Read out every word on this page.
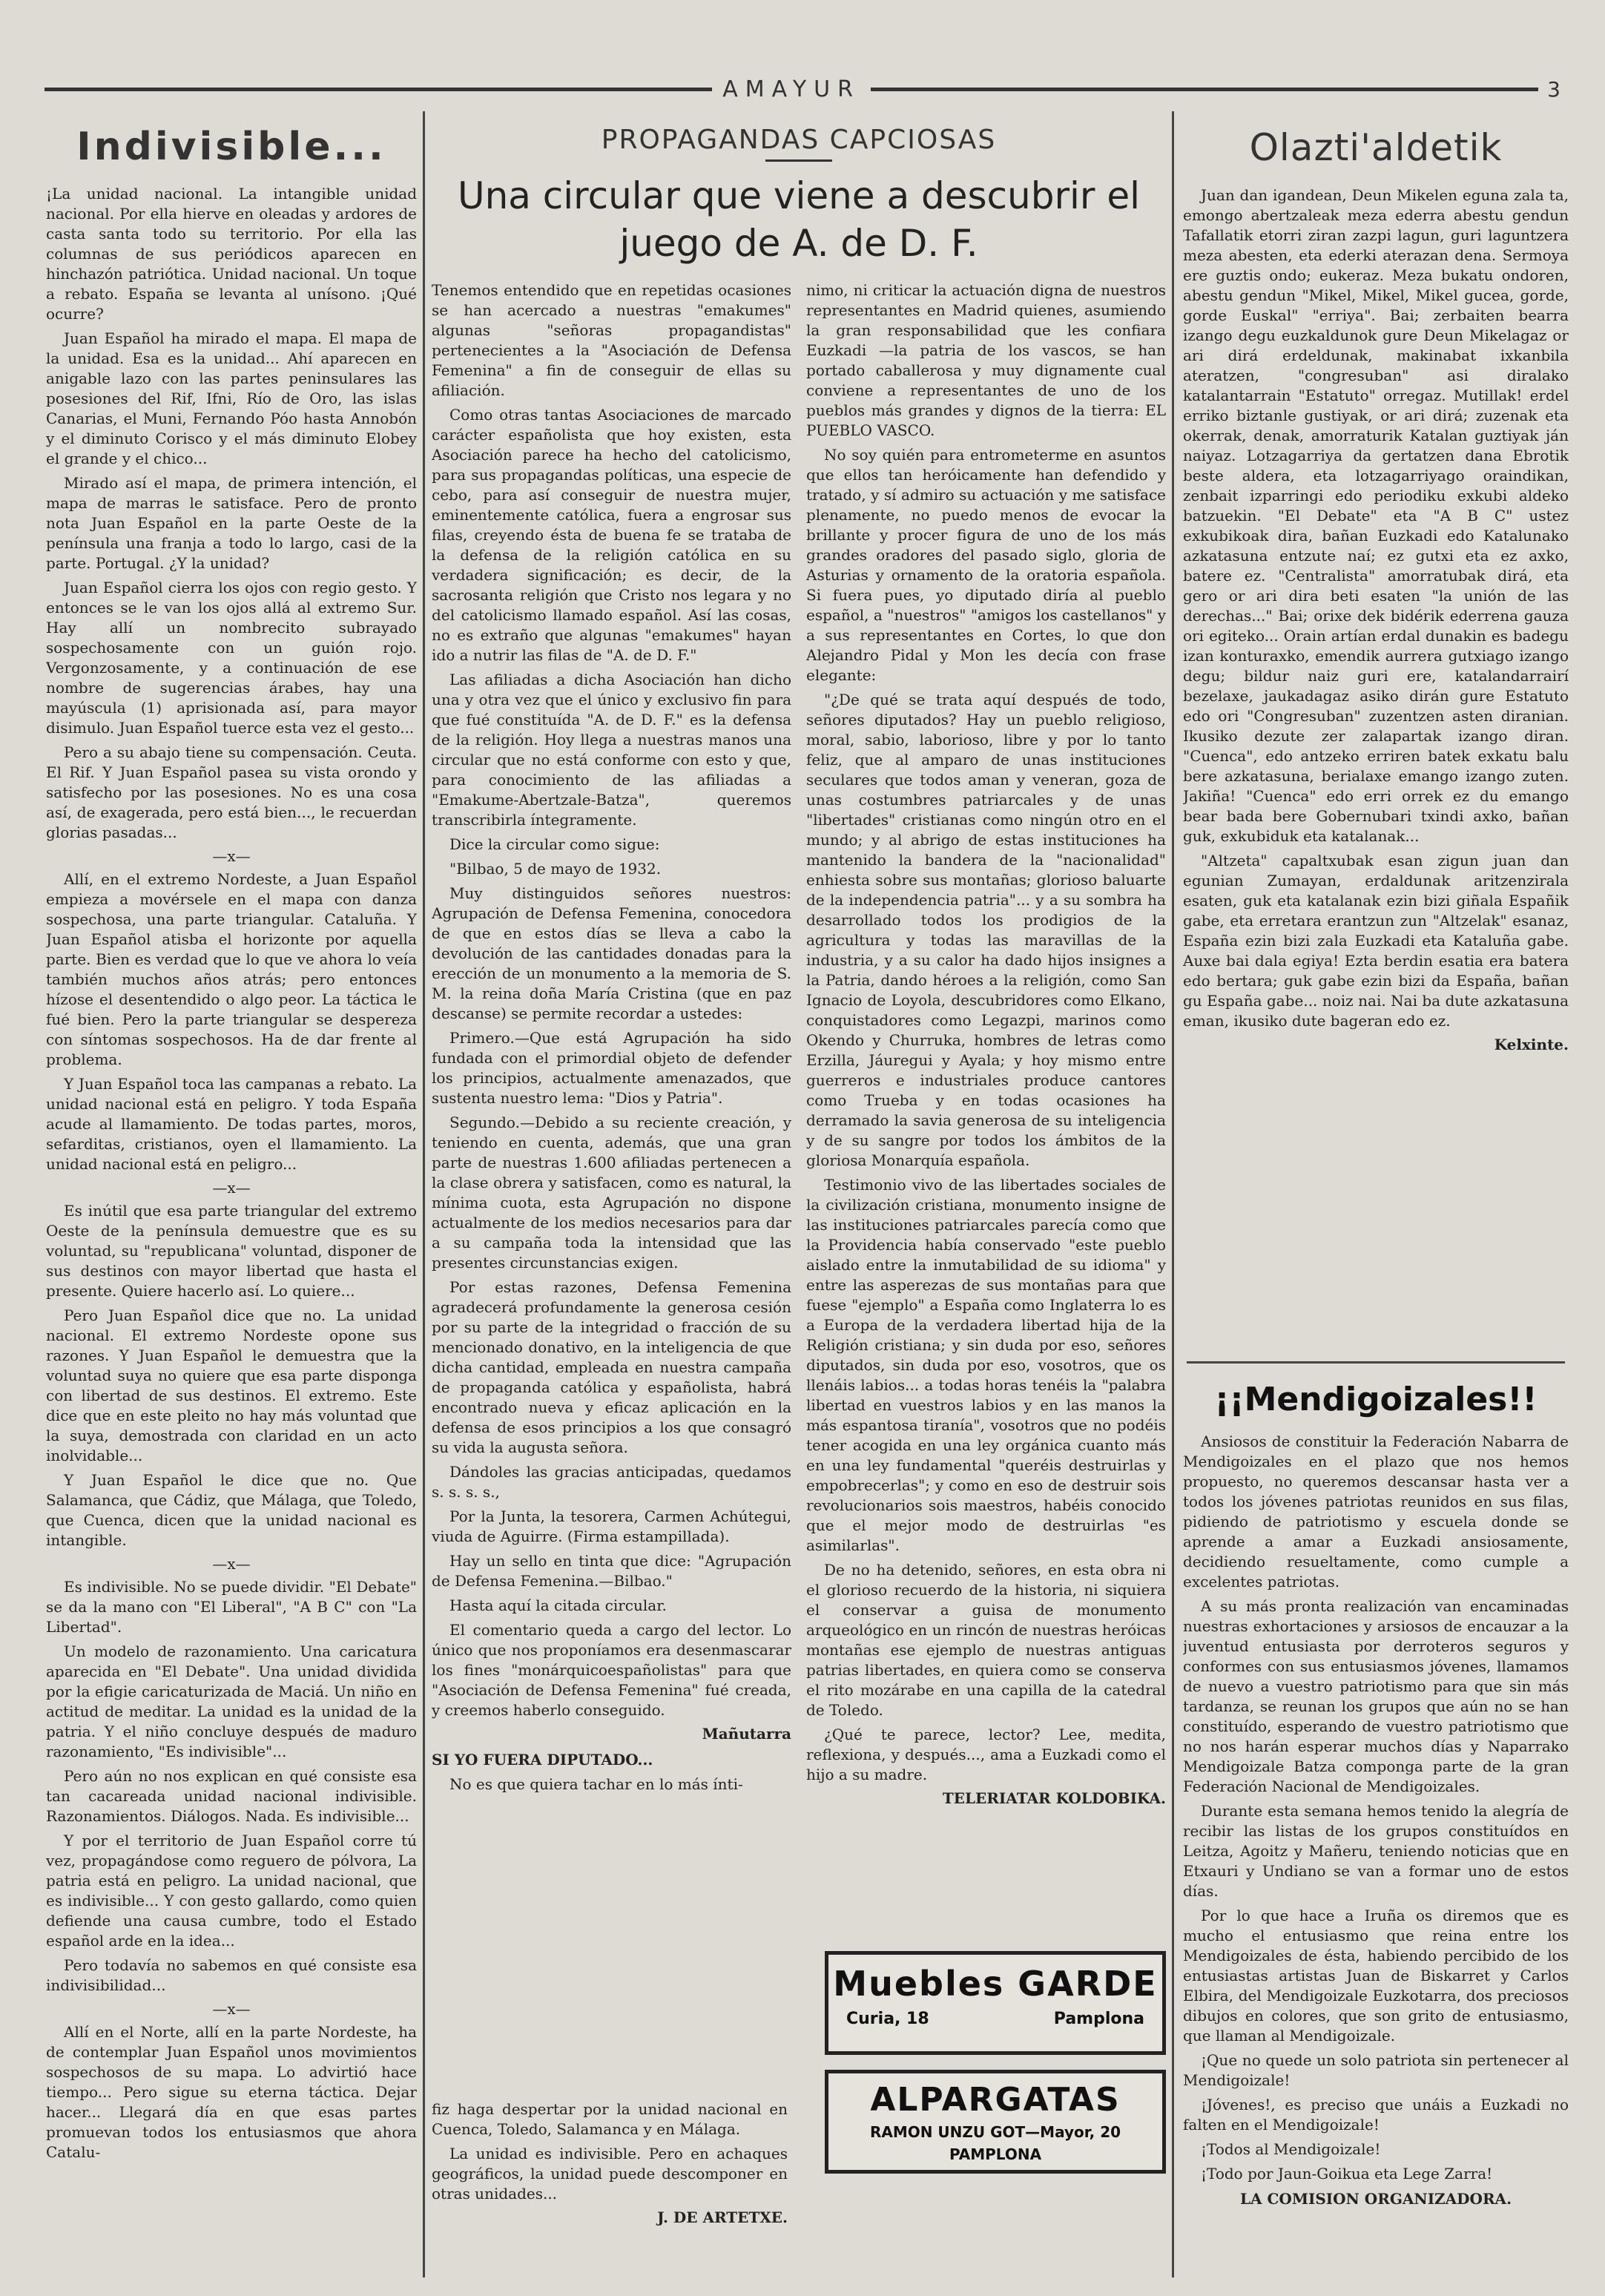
AMAYUR	3
Indivisible...

¡La unidad nacional. La intangible unidad nacional. Por ella hierve en oleadas y ardores de casta santa todo su territorio. Por ella las columnas de sus periódicos aparecen en hinchazón patriótica. Unidad nacional. Un toque a rebato. España se levanta al unísono. ¡Qué ocurre?

Juan Español ha mirado el mapa. El mapa de la unidad. Esa es la unidad... Ahí aparecen en anigable lazo con las partes peninsulares las posesiones del Rif, Ifni, Río de Oro, las islas Canarias, el Muni, Fernando Póo hasta Annobón y el diminuto Corisco y el más diminuto Elobey el grande y el chico...

Mirado así el mapa, de primera intención, el mapa de marras le satisface. Pero de pronto nota Juan Español en la parte Oeste de la península una franja a todo lo largo, casi de la parte. Portugal. ¿Y la unidad?

Juan Español cierra los ojos con regio gesto. Y entonces se le van los ojos allá al extremo Sur. Hay allí un nombrecito subrayado sospechosamente con un guión rojo. Vergonzosamente, y a continuación de ese nombre de sugerencias árabes, hay una mayúscula (1) aprisionada así, para mayor disimulo. Juan Español tuerce esta vez el gesto...

Pero a su abajo tiene su compensación. Ceuta. El Rif. Y Juan Español pasea su vista orondo y satisfecho por las posesiones. No es una cosa así, de exagerada, pero está bien..., le recuerdan glorias pasadas...

—x—

Allí, en el extremo Nordeste, a Juan Español empieza a movérsele en el mapa con danza sospechosa, una parte triangular. Cataluña. Y Juan Español atisba el horizonte por aquella parte. Bien es verdad que lo que ve ahora lo veía también muchos años atrás; pero entonces hízose el desentendido o algo peor. La táctica le fué bien. Pero la parte triangular se despereza con síntomas sospechosos. Ha de dar frente al problema.

Y Juan Español toca las campanas a rebato. La unidad nacional está en peligro. Y toda España acude al llamamiento. De todas partes, moros, sefarditas, cristianos, oyen el llamamiento. La unidad nacional está en peligro...

—x—

Es inútil que esa parte triangular del extremo Oeste de la península demuestre que es su voluntad, su "republicana" voluntad, disponer de sus destinos con mayor libertad que hasta el presente. Quiere hacerlo así. Lo quiere...

Pero Juan Español dice que no. La unidad nacional. El extremo Nordeste opone sus razones. Y Juan Español le demuestra que la voluntad suya no quiere que esa parte disponga con libertad de sus destinos. El extremo. Este dice que en este pleito no hay más voluntad que la suya, demostrada con claridad en un acto inolvidable...

Y Juan Español le dice que no. Que Salamanca, que Cádiz, que Málaga, que Toledo, que Cuenca, dicen que la unidad nacional es intangible.

—x—

Es indivisible. No se puede dividir. "El Debate" se da la mano con "El Liberal", "A B C" con "La Libertad".

Un modelo de razonamiento. Una caricatura aparecida en "El Debate". Una unidad dividida por la efigie caricaturizada de Maciá. Un niño en actitud de meditar. La unidad es la unidad de la patria. Y el niño concluye después de maduro razonamiento, "Es indivisible"...

Pero aún no nos explican en qué consiste esa tan cacareada unidad nacional indivisible. Razonamientos. Diálogos. Nada. Es indivisible...

Y por el territorio de Juan Español corre tú vez, propagándose como reguero de pólvora, La patria está en peligro. La unidad nacional, que es indivisible... Y con gesto gallardo, como quien defiende una causa cumbre, todo el Estado español arde en la idea...

Pero todavía no sabemos en qué consiste esa indivisibilidad...

—x—

Allí en el Norte, allí en la parte Nordeste, ha de contemplar Juan Español unos movimientos sospechosos de su mapa. Lo advirtió hace tiempo... Pero sigue su eterna táctica. Dejar hacer... Llegará día en que esas partes promuevan todos los entusiasmos que ahora Catalu-

PROPAGANDAS CAPCIOSAS
Una circular que viene a descubrir el juego de A. de D. F.

Tenemos entendido que en repetidas ocasiones se han acercado a nuestras "emakumes" algunas "señoras propagandistas" pertenecientes a la "Asociación de Defensa Femenina" a fin de conseguir de ellas su afiliación.

Como otras tantas Asociaciones de marcado carácter españolista que hoy existen, esta Asociación parece ha hecho del catolicismo, para sus propagandas políticas, una especie de cebo, para así conseguir de nuestra mujer, eminentemente católica, fuera a engrosar sus filas, creyendo ésta de buena fe se trataba de la defensa de la religión católica en su verdadera significación; es decir, de la sacrosanta religión que Cristo nos legara y no del catolicismo llamado español. Así las cosas, no es extraño que algunas "emakumes" hayan ido a nutrir las filas de "A. de D. F."

Las afiliadas a dicha Asociación han dicho una y otra vez que el único y exclusivo fin para que fué constituída "A. de D. F." es la defensa de la religión. Hoy llega a nuestras manos una circular que no está conforme con esto y que, para conocimiento de las afiliadas a "Emakume-Abertzale-Batza", queremos transcribirla íntegramente.

Dice la circular como sigue:

"Bilbao, 5 de mayo de 1932.

Muy distinguidos señores nuestros: Agrupación de Defensa Femenina, conocedora de que en estos días se lleva a cabo la devolución de las cantidades donadas para la erección de un monumento a la memoria de S. M. la reina doña María Cristina (que en paz descanse) se permite recordar a ustedes:

Primero.—Que está Agrupación ha sido fundada con el primordial objeto de defender los principios, actualmente amenazados, que sustenta nuestro lema: "Dios y Patria".

Segundo.—Debido a su reciente creación, y teniendo en cuenta, además, que una gran parte de nuestras 1.600 afiliadas pertenecen a la clase obrera y satisfacen, como es natural, la mínima cuota, esta Agrupación no dispone actualmente de los medios necesarios para dar a su campaña toda la intensidad que las presentes circunstancias exigen.

Por estas razones, Defensa Femenina agradecerá profundamente la generosa cesión por su parte de la integridad o fracción de su mencionado donativo, en la inteligencia de que dicha cantidad, empleada en nuestra campaña de propaganda católica y españolista, habrá encontrado nueva y eficaz aplicación en la defensa de esos principios a los que consagró su vida la augusta señora.

Dándoles las gracias anticipadas, quedamos s. s. s. s.,

Por la Junta, la tesorera, Carmen Achútegui, viuda de Aguirre. (Firma estampillada).

Hay un sello en tinta que dice: "Agrupación de Defensa Femenina.—Bilbao."

Hasta aquí la citada circular.

El comentario queda a cargo del lector. Lo único que nos proponíamos era desenmascarar los fines "monárquicoespañolistas" para que "Asociación de Defensa Femenina" fué creada, y creemos haberlo conseguido.

Mañutarra

SI YO FUERA DIPUTADO...

No es que quiera tachar en lo más ínti-

nimo, ni criticar la actuación digna de nuestros representantes en Madrid quienes, asumiendo la gran responsabilidad que les confiara Euzkadi —la patria de los vascos, se han portado caballerosa y muy dignamente cual conviene a representantes de uno de los pueblos más grandes y dignos de la tierra: EL PUEBLO VASCO.

No soy quién para entrometerme en asuntos que ellos tan heróicamente han defendido y tratado, y sí admiro su actuación y me satisface plenamente, no puedo menos de evocar la brillante y procer figura de uno de los más grandes oradores del pasado siglo, gloria de Asturias y ornamento de la oratoria española. Si fuera pues, yo diputado diría al pueblo español, a "nuestros" "amigos los castellanos" y a sus representantes en Cortes, lo que don Alejandro Pidal y Mon les decía con frase elegante:

"¿De qué se trata aquí después de todo, señores diputados? Hay un pueblo religioso, moral, sabio, laborioso, libre y por lo tanto feliz, que al amparo de unas instituciones seculares que todos aman y veneran, goza de unas costumbres patriarcales y de unas "libertades" cristianas como ningún otro en el mundo; y al abrigo de estas instituciones ha mantenido la bandera de la "nacionalidad" enhiesta sobre sus montañas; glorioso baluarte de la independencia patria"... y a su sombra ha desarrollado todos los prodigios de la agricultura y todas las maravillas de la industria, y a su calor ha dado hijos insignes a la Patria, dando héroes a la religión, como San Ignacio de Loyola, descubridores como Elkano, conquistadores como Legazpi, marinos como Okendo y Churruka, hombres de letras como Erzilla, Jáuregui y Ayala; y hoy mismo entre guerreros e industriales produce cantores como Trueba y en todas ocasiones ha derramado la savia generosa de su inteligencia y de su sangre por todos los ámbitos de la gloriosa Monarquía española.

Testimonio vivo de las libertades sociales de la civilización cristiana, monumento insigne de las instituciones patriarcales parecía como que la Providencia había conservado "este pueblo aislado entre la inmutabilidad de su idioma" y entre las asperezas de sus montañas para que fuese "ejemplo" a España como Inglaterra lo es a Europa de la verdadera libertad hija de la Religión cristiana; y sin duda por eso, señores diputados, sin duda por eso, vosotros, que os llenáis labios... a todas horas tenéis la "palabra libertad en vuestros labios y en las manos la más espantosa tiranía", vosotros que no podéis tener acogida en una ley orgánica cuanto más en una ley fundamental "queréis destruirlas y empobrecerlas"; y como en eso de destruir sois revolucionarios sois maestros, habéis conocido que el mejor modo de destruirlas "es asimilarlas".

De no ha detenido, señores, en esta obra ni el glorioso recuerdo de la historia, ni siquiera el conservar a guisa de monumento arqueológico en un rincón de nuestras heróicas montañas ese ejemplo de nuestras antiguas patrias libertades, en quiera como se conserva el rito mozárabe en una capilla de la catedral de Toledo.

¿Qué te parece, lector? Lee, medita, reflexiona, y después..., ama a Euzkadi como el hijo a su madre.

TELERIATAR KOLDOBIKA.
Muebles GARDE
Curia, 18	Pamplona
ALPARGATAS
RAMON UNZU GOT—Mayor, 20
PAMPLONA

fiz haga despertar por la unidad nacional en Cuenca, Toledo, Salamanca y en Málaga.

La unidad es indivisible. Pero en achaques geográficos, la unidad puede descomponer en otras unidades...

J. DE ARTETXE.
Olazti'aldetik

Juan dan igandean, Deun Mikelen eguna zala ta, emongo abertzaleak meza ederra abestu gendun Tafallatik etorri ziran zazpi lagun, guri laguntzera meza abesten, eta ederki aterazan dena. Sermoya ere guztis ondo; eukeraz. Meza bukatu ondoren, abestu gendun "Mikel, Mikel, Mikel gucea, gorde, gorde Euskal" "erriya". Bai; zerbaiten bearra izango degu euzkaldunok gure Deun Mikelagaz or ari dirá erdeldunak, makinabat ixkanbila ateratzen, "congresuban" asi diralako katalantarrain "Estatuto" orregaz. Mutillak! erdel erriko biztanle gustiyak, or ari dirá; zuzenak eta okerrak, denak, amorraturik Katalan guztiyak ján naiyaz. Lotzagarriya da gertatzen dana Ebrotik beste aldera, eta lotzagarriyago oraindikan, zenbait izparringi edo periodiku exkubi aldeko batzuekin. "El Debate" eta "A B C" ustez exkubikoak dira, bañan Euzkadi edo Katalunako azkatasuna entzute naí; ez gutxi eta ez axko, batere ez. "Centralista" amorratubak dirá, eta gero or ari dira beti esaten "la unión de las derechas..." Bai; orixe dek bidérik ederrena gauza ori egiteko... Orain artían erdal dunakin es badegu izan konturaxko, emendik aurrera gutxiago izango degu; bildur naiz guri ere, katalandarrairí bezelaxe, jaukadagaz asiko dirán gure Estatuto edo ori "Congresuban" zuzentzen asten diranian. Ikusiko dezute zer zalapartak izango diran. "Cuenca", edo antzeko erriren batek exkatu balu bere azkatasuna, berialaxe emango izango zuten. Jakiña! "Cuenca" edo erri orrek ez du emango bear bada bere Gobernubari txindi axko, bañan guk, exkubiduk eta katalanak...

"Altzeta" capaltxubak esan zigun juan dan egunian Zumayan, erdaldunak aritzenzirala esaten, guk eta katalanak ezin bizi giñala Españik gabe, eta erretara erantzun zun "Altzelak" esanaz, España ezin bizi zala Euzkadi eta Kataluña gabe. Auxe bai dala egiya! Ezta berdin esatia era batera edo bertara; guk gabe ezin bizi da España, bañan gu España gabe... noiz nai. Nai ba dute azkatasuna eman, ikusiko dute bageran edo ez.

Kelxinte.
¡¡Mendigoizales!!

Ansiosos de constituir la Federación Nabarra de Mendigoizales en el plazo que nos hemos propuesto, no queremos descansar hasta ver a todos los jóvenes patriotas reunidos en sus filas, pidiendo de patriotismo y escuela donde se aprende a amar a Euzkadi ansiosamente, decidiendo resueltamente, como cumple a excelentes patriotas.

A su más pronta realización van encaminadas nuestras exhortaciones y arsiosos de encauzar a la juventud entusiasta por derroteros seguros y conformes con sus entusiasmos jóvenes, llamamos de nuevo a vuestro patriotismo para que sin más tardanza, se reunan los grupos que aún no se han constituído, esperando de vuestro patriotismo que no nos harán esperar muchos días y Naparrako Mendigoizale Batza componga parte de la gran Federación Nacional de Mendigoizales.

Durante esta semana hemos tenido la alegría de recibir las listas de los grupos constituídos en Leitza, Agoitz y Mañeru, teniendo noticias que en Etxauri y Undiano se van a formar uno de estos días.

Por lo que hace a Iruña os diremos que es mucho el entusiasmo que reina entre los Mendigoizales de ésta, habiendo percibido de los entusiastas artistas Juan de Biskarret y Carlos Elbira, del Mendigoizale Euzkotarra, dos preciosos dibujos en colores, que son grito de entusiasmo, que llaman al Mendigoizale.

¡Que no quede un solo patriota sin pertenecer al Mendigoizale!

¡Jóvenes!, es preciso que unáis a Euzkadi no falten en el Mendigoizale!

¡Todos al Mendigoizale!

¡Todo por Jaun-Goikua eta Lege Zarra!

LA COMISION ORGANIZADORA.
